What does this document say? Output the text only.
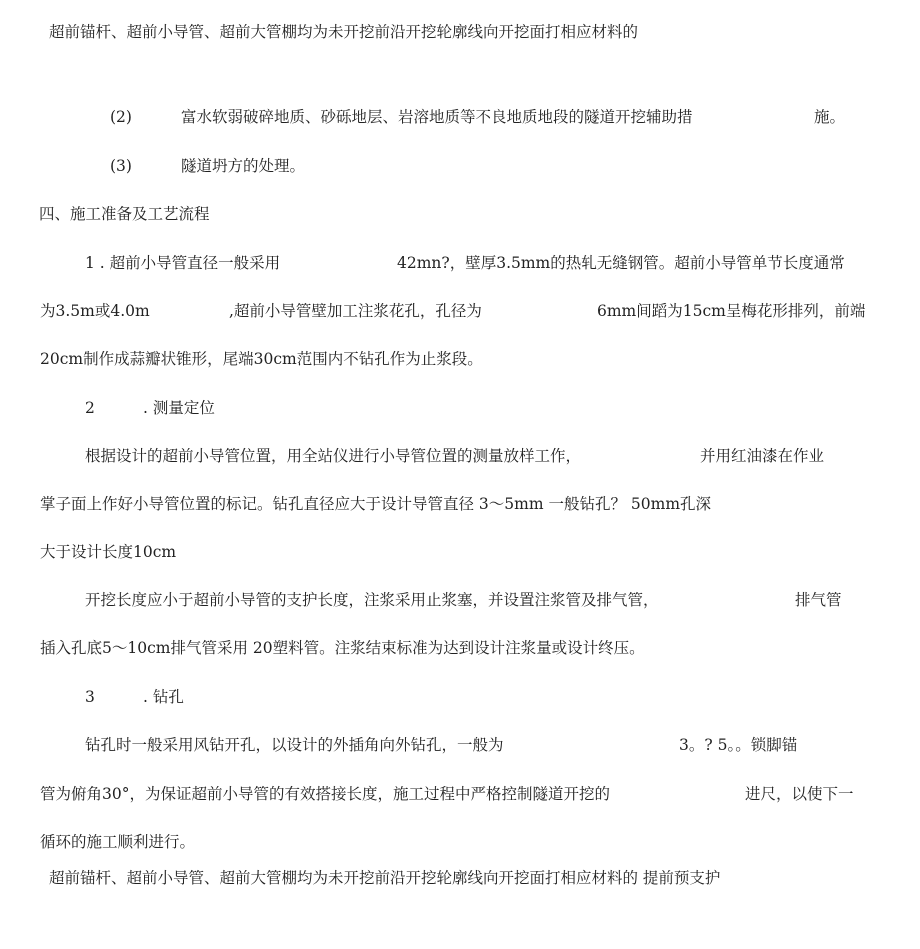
超前锚杆、超前小导管、超前大管棚均为未开挖前沿开挖轮廓线向开挖面打相应材料的
(2)	富水软弱破碎地质、砂砾地层、岩溶地质等不良地质地段的隧道开挖辅助措	施。
(3)	隧道坍方的处理。
四、施工准备及工艺流程
1 . 超前小导管直径一般采用	42mn?，壁厚3.5mm的热轧无缝钢管。超前小导管单节长度通常
为3.5m或4.0m	,超前小导管壁加工注浆花孔，孔径为	6mm间蹈为15cm呈梅花形排列，前端
20cm制作成蒜瓣状锥形，尾端30cm范围内不钻孔作为止浆段。
2	. 测量定位
根据设计的超前小导管位置，用全站仪进行小导管位置的测量放样工作，	并用红油漆在作业
掌子面上作好小导管位置的标记。钻孔直径应大于设计导管直径 3〜5mm 一般钻孔？ 50mm孔深
大于设计长度10cm
开挖长度应小于超前小导管的支护长度，注浆采用止浆塞，并设置注浆管及排气管，	排气管
插入孔底5〜10cm排气管采用 20塑料管。注浆结束标准为达到设计注浆量或设计终压。
3	. 钻孔
钻孔时一般采用风钻开孔，以设计的外插角向外钻孔，一般为	3。? 5。。锁脚锚
管为俯角30°，为保证超前小导管的有效搭接长度，施工过程中严格控制隧道开挖的	进尺，以使下一
循环的施工顺利进行。
超前锚杆、超前小导管、超前大管棚均为未开挖前沿开挖轮廓线向开挖面打相应材料的 提前预支护
